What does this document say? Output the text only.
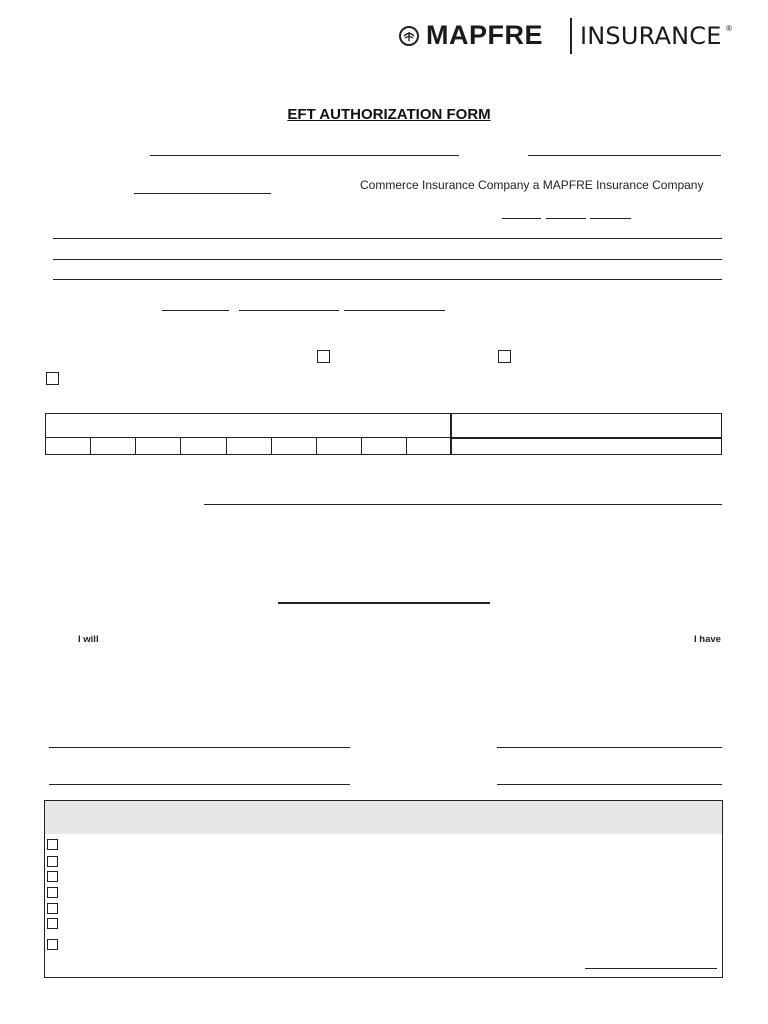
MAPFRE INSURANCE ®
EFT AUTHORIZATION FORM
Commerce Insurance Company a MAPFRE Insurance Company
I will	I have
